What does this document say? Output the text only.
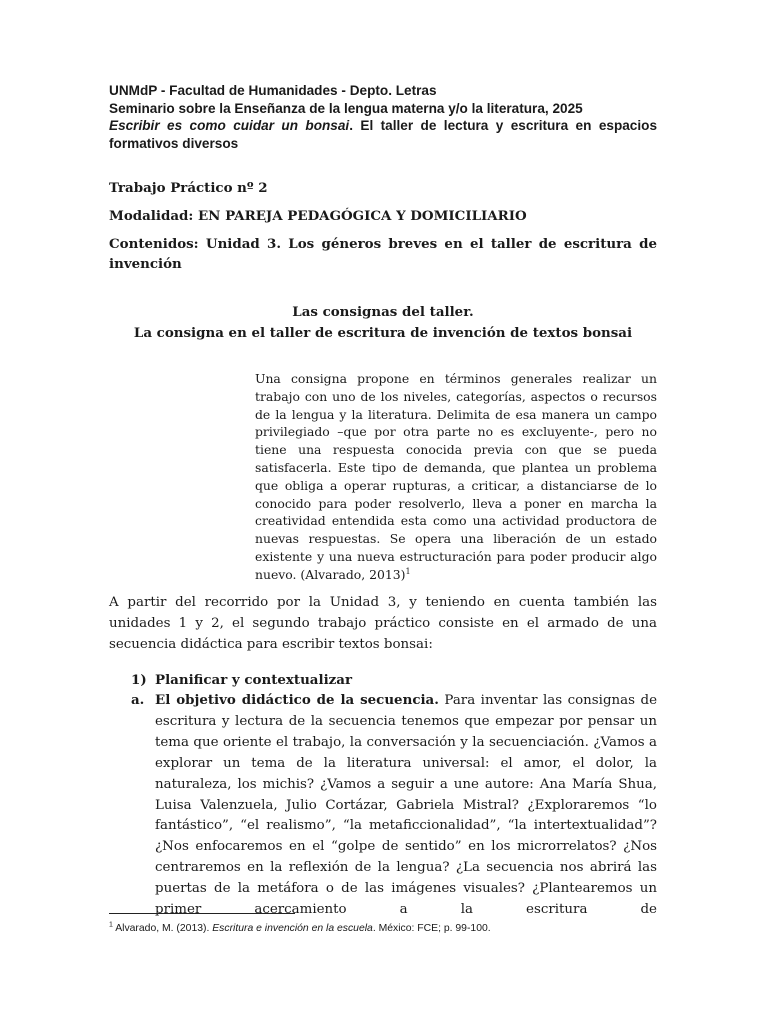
UNMdP - Facultad de Humanidades - Depto. Letras
Seminario sobre la Enseñanza de la lengua materna y/o la literatura, 2025
Escribir es como cuidar un bonsai. El taller de lectura y escritura en espacios formativos diversos
Trabajo Práctico nº 2
Modalidad: EN PAREJA PEDAGÓGICA Y DOMICILIARIO
Contenidos: Unidad 3. Los géneros breves en el taller de escritura de invención
Las consignas del taller.
La consigna en el taller de escritura de invención de textos bonsai
Una consigna propone en términos generales realizar un trabajo con uno de los niveles, categorías, aspectos o recursos de la lengua y la literatura. Delimita de esa manera un campo privilegiado –que por otra parte no es excluyente-, pero no tiene una respuesta conocida previa con que se pueda satisfacerla. Este tipo de demanda, que plantea un problema que obliga a operar rupturas, a criticar, a distanciarse de lo conocido para poder resolverlo, lleva a poner en marcha la creatividad entendida esta como una actividad productora de nuevas respuestas. Se opera una liberación de un estado existente y una nueva estructuración para poder producir algo nuevo. (Alvarado, 2013)$^1$
A partir del recorrido por la Unidad 3, y teniendo en cuenta también las unidades 1 y 2, el segundo trabajo práctico consiste en el armado de una secuencia didáctica para escribir textos bonsai:
1) Planificar y contextualizar
a. El objetivo didáctico de la secuencia. Para inventar las consignas de escritura y lectura de la secuencia tenemos que empezar por pensar un tema que oriente el trabajo, la conversación y la secuenciación. ¿Vamos a explorar un tema de la literatura universal: el amor, el dolor, la naturaleza, los michis? ¿Vamos a seguir a une autore: Ana María Shua, Luisa Valenzuela, Julio Cortázar, Gabriela Mistral? ¿Exploraremos “lo fantástico”, “el realismo”, “la metaficcionalidad”, “la intertextualidad”? ¿Nos enfocaremos en el “golpe de sentido” en los microrrelatos? ¿Nos centraremos en la reflexión de la lengua? ¿La secuencia nos abrirá las puertas de la metáfora o de las imágenes visuales? ¿Plantearemos un primer acercamiento a la escritura de
$^1$ Alvarado, M. (2013). Escritura e invención en la escuela. México: FCE; p. 99-100.
